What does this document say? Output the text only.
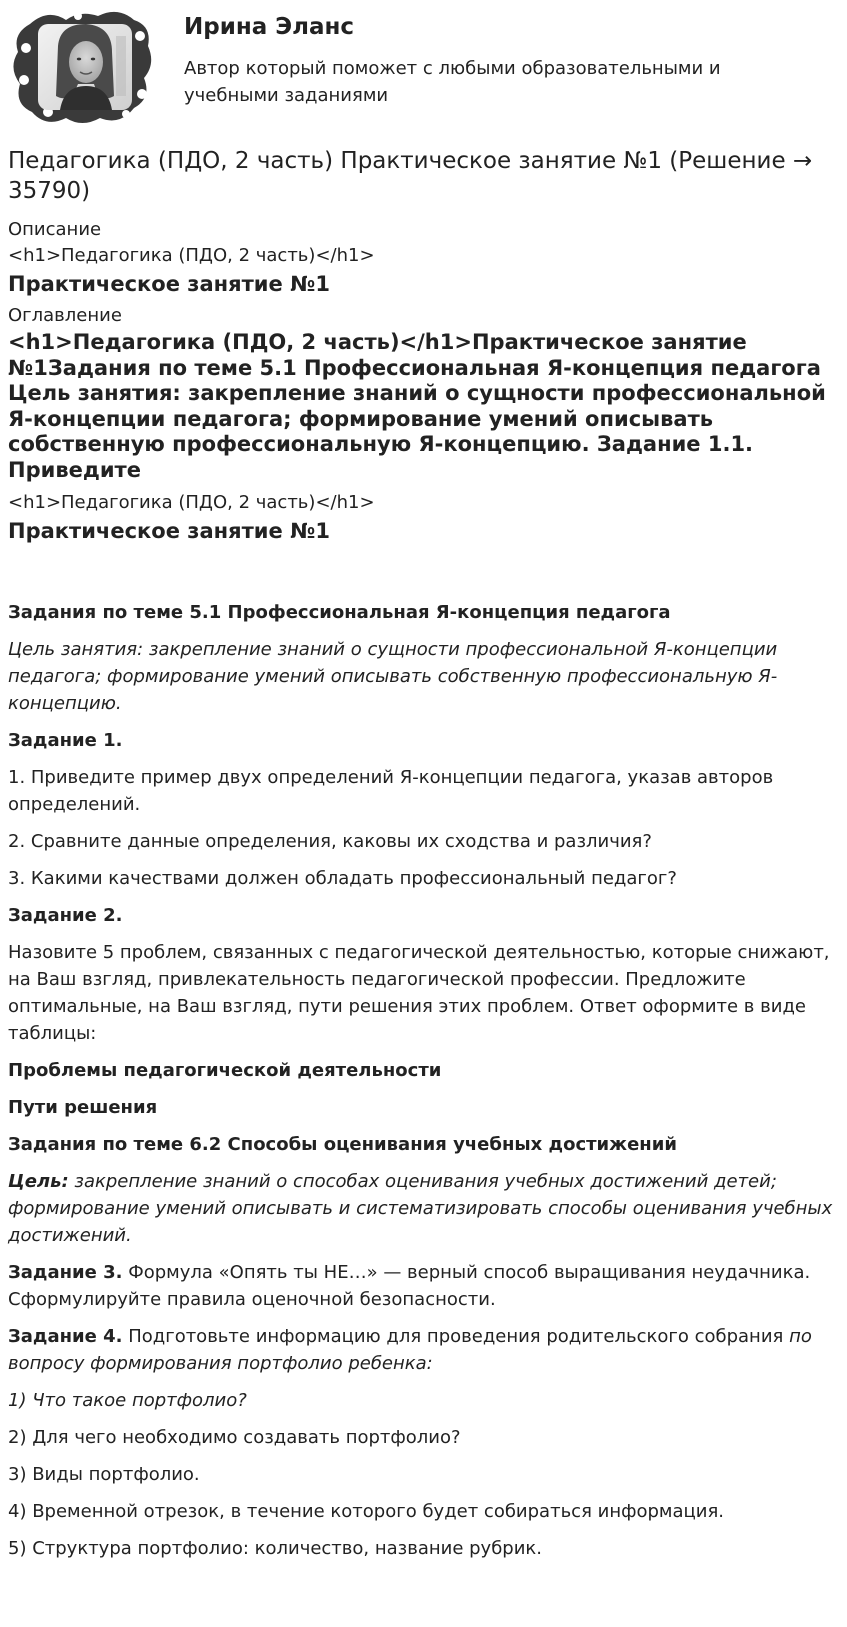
Ирина Эланс
Автор который поможет с любыми образовательными и учебными заданиями
Педагогика (ПДО, 2 часть) Практическое занятие №1 (Решение → 35790)
Описание
<h1>Педагогика (ПДО, 2 часть)</h1>
Практическое занятие №1
Оглавление
<h1>Педагогика (ПДО, 2 часть)</h1>Практическое занятие №1Задания по теме 5.1 Профессиональная Я-концепция педагога Цель занятия: закрепление знаний о сущности профессиональной Я-концепции педагога; формирование умений описывать собственную профессиональную Я-концепцию. Задание 1.1. Приведите
<h1>Педагогика (ПДО, 2 часть)</h1>
Практическое занятие №1

Задания по теме 5.1 Профессиональная Я-концепция педагога

Цель занятия: закрепление знаний о сущности профессиональной Я-концепции педагога; формирование умений описывать собственную профессиональную Я-концепцию.

Задание 1.

1. Приведите пример двух определений Я-концепции педагога, указав авторов определений.

2. Сравните данные определения, каковы их сходства и различия?

3. Какими качествами должен обладать профессиональный педагог?

Задание 2.

Назовите 5 проблем, связанных с педагогической деятельностью, которые снижают, на Ваш взгляд, привлекательность педагогической профессии. Предложите оптимальные, на Ваш взгляд, пути решения этих проблем. Ответ оформите в виде таблицы:

Проблемы педагогической деятельности

Пути решения

Задания по теме 6.2 Способы оценивания учебных достижений

Цель: закрепление знаний о способах оценивания учебных достижений детей; формирование умений описывать и систематизировать способы оценивания учебных достижений.

Задание 3. Формула «Опять ты НЕ…» — верный способ выращивания неудачника. Сформулируйте правила оценочной безопасности.

Задание 4. Подготовьте информацию для проведения родительского собрания по вопросу формирования портфолио ребенка:

1) Что такое портфолио?

2) Для чего необходимо создавать портфолио?

3) Виды портфолио.

4) Временной отрезок, в течение которого будет собираться информация.

5) Структура портфолио: количество, название рубрик.
